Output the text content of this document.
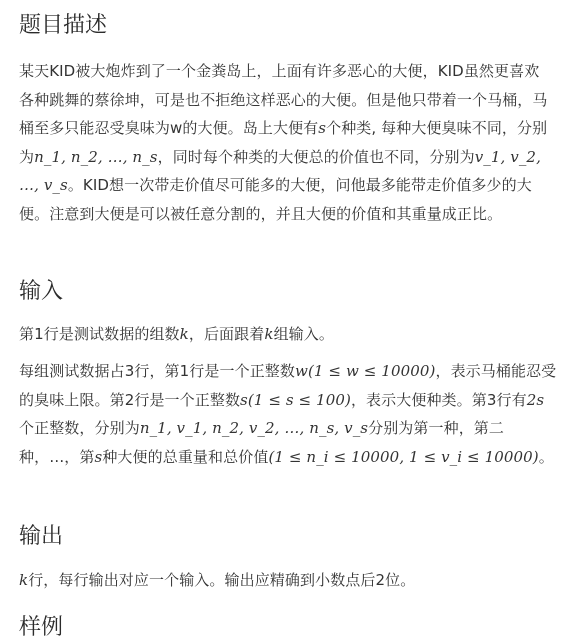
题目描述

某天KID被大炮炸到了一个金粪岛上，上面有许多恶心的大便，KID虽然更喜欢各种跳舞的蔡徐坤，可是也不拒绝这样恶心的大便。但是他只带着一个马桶，马桶至多只能忍受臭味为w的大便。岛上大便有s个种类, 每种大便臭味不同，分别为n_1, n_2, …, n_s，同时每个种类的大便总的价值也不同，分别为v_1, v_2, …, v_s。KID想一次带走价值尽可能多的大便，问他最多能带走价值多少的大便。注意到大便是可以被任意分割的，并且大便的价值和其重量成正比。

输入

第1行是测试数据的组数k，后面跟着k组输入。

每组测试数据占3行，第1行是一个正整数w(1 ≤ w ≤ 10000)，表示马桶能忍受的臭味上限。第2行是一个正整数s(1 ≤ s ≤ 100)，表示大便种类。第3行有2s个正整数，分别为n_1, v_1, n_2, v_2, …, n_s, v_s分别为第一种，第二种，…，第s种大便的总重量和总价值(1 ≤ n_i ≤ 10000, 1 ≤ v_i ≤ 10000)。

输出

k行，每行输出对应一个输入。输出应精确到小数点后2位。

样例
